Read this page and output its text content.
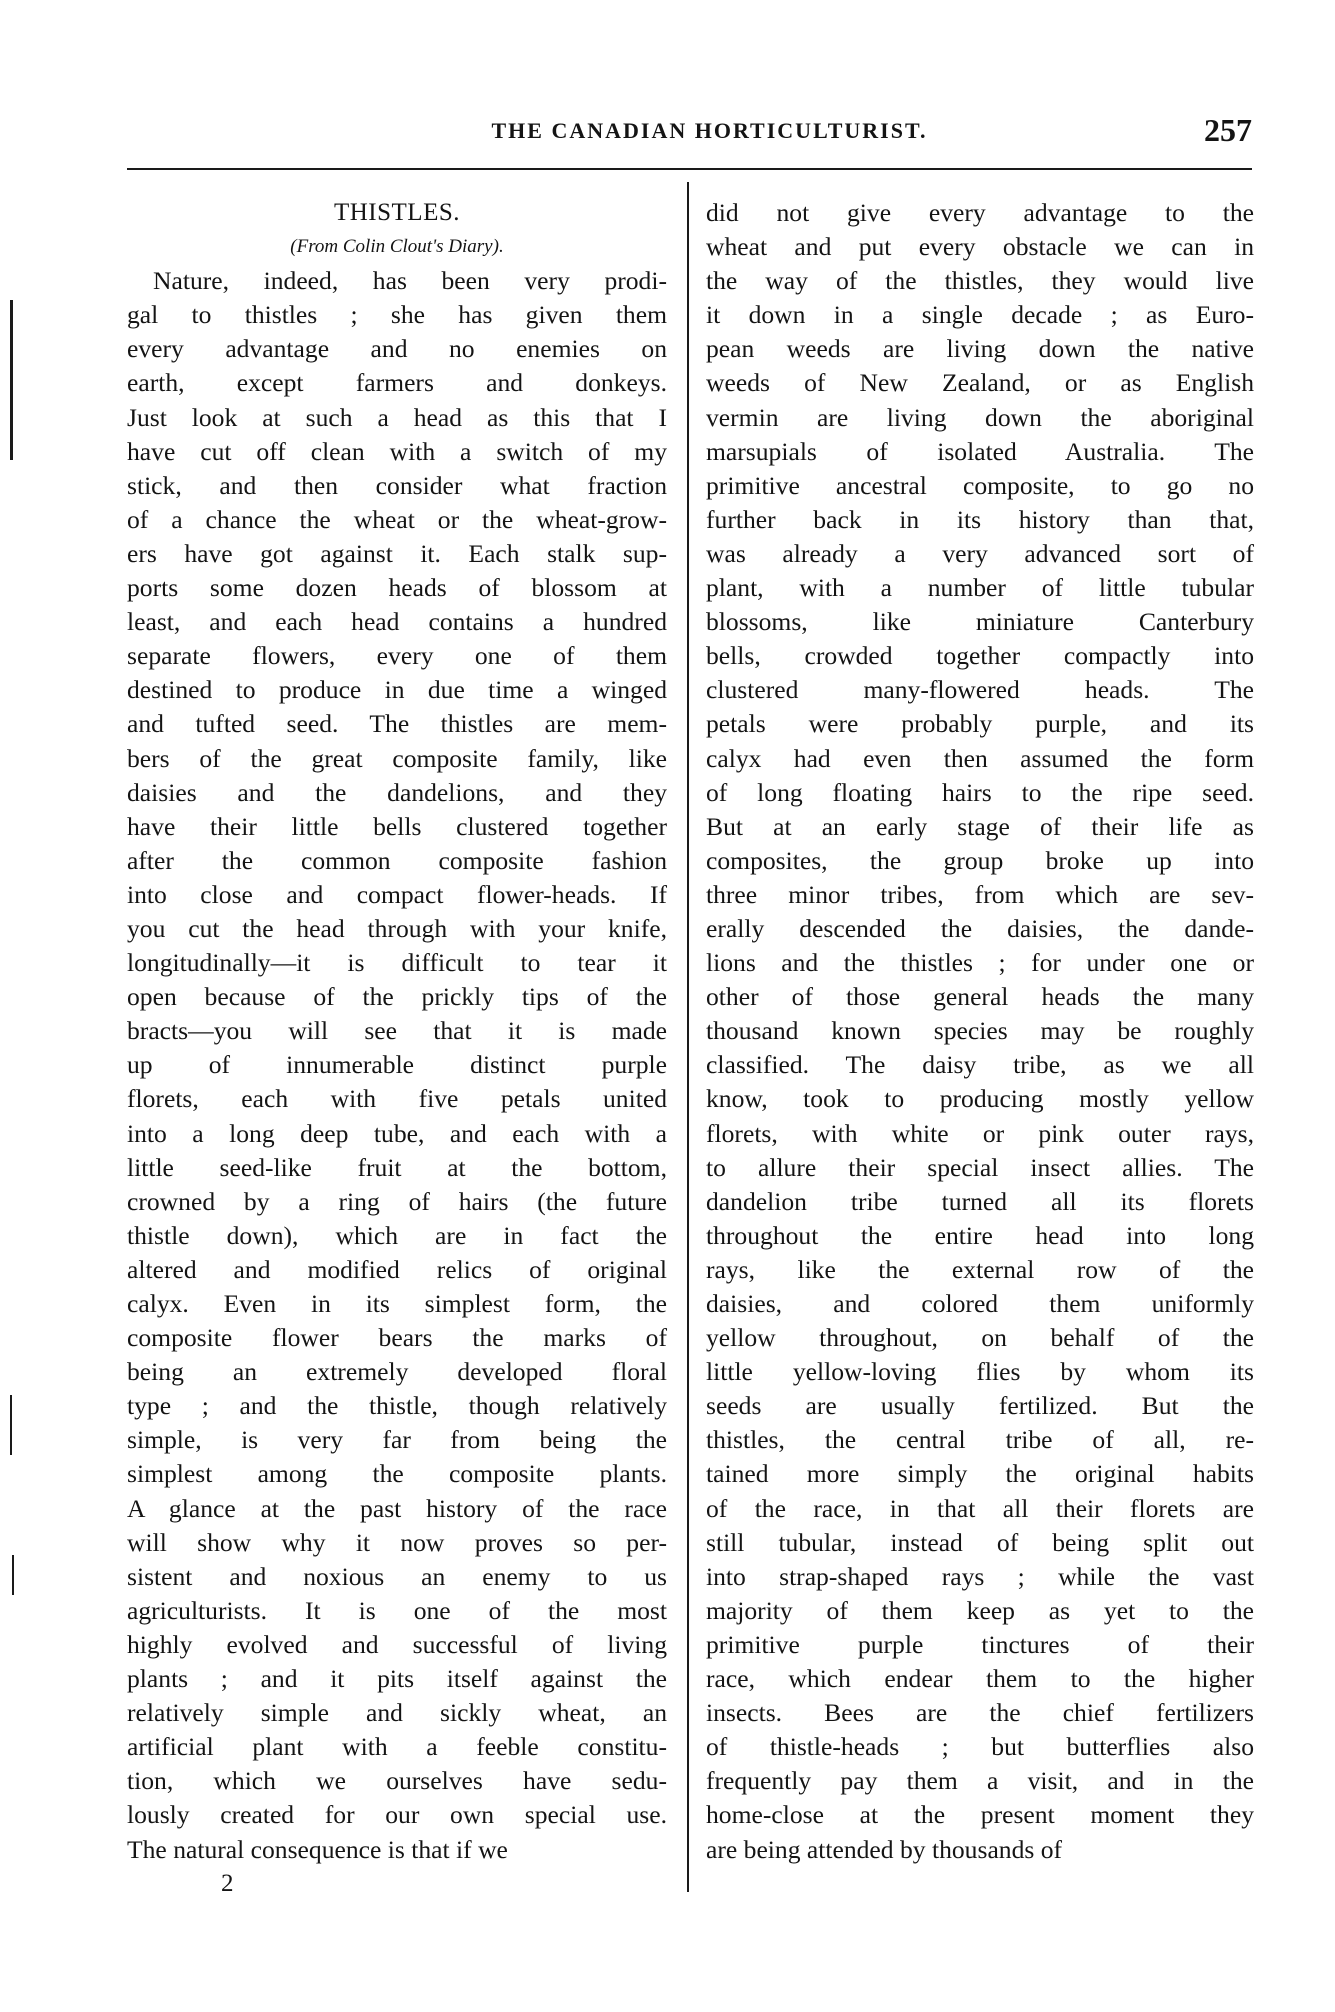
THE CANADIAN HORTICULTURIST.	257
THISTLES.
(From Colin Clout's Diary).
Nature, indeed, has been very prodi-
gal to thistles ; she has given them
every advantage and no enemies on
earth, except farmers and donkeys.
Just look at such a head as this that I
have cut off clean with a switch of my
stick, and then consider what fraction
of a chance the wheat or the wheat-grow-
ers have got against it. Each stalk sup-
ports some dozen heads of blossom at
least, and each head contains a hundred
separate flowers, every one of them
destined to produce in due time a winged
and tufted seed. The thistles are mem-
bers of the great composite family, like
daisies and the dandelions, and they
have their little bells clustered together
after the common composite fashion
into close and compact flower-heads. If
you cut the head through with your knife,
longitudinally—it is difficult to tear it
open because of the prickly tips of the
bracts—you will see that it is made
up of innumerable distinct purple
florets, each with five petals united
into a long deep tube, and each with a
little seed-like fruit at the bottom,
crowned by a ring of hairs (the future
thistle down), which are in fact the
altered and modified relics of original
calyx. Even in its simplest form, the
composite flower bears the marks of
being an extremely developed floral
type ; and the thistle, though relatively
simple, is very far from being the
simplest among the composite plants.
A glance at the past history of the race
will show why it now proves so per-
sistent and noxious an enemy to us
agriculturists. It is one of the most
highly evolved and successful of living
plants ; and it pits itself against the
relatively simple and sickly wheat, an
artificial plant with a feeble constitu-
tion, which we ourselves have sedu-
lously created for our own special use.
The natural consequence is that if we
did not give every advantage to the
wheat and put every obstacle we can in
the way of the thistles, they would live
it down in a single decade ; as Euro-
pean weeds are living down the native
weeds of New Zealand, or as English
vermin are living down the aboriginal
marsupials of isolated Australia. The
primitive ancestral composite, to go no
further back in its history than that,
was already a very advanced sort of
plant, with a number of little tubular
blossoms, like miniature Canterbury
bells, crowded together compactly into
clustered many-flowered heads. The
petals were probably purple, and its
calyx had even then assumed the form
of long floating hairs to the ripe seed.
But at an early stage of their life as
composites, the group broke up into
three minor tribes, from which are sev-
erally descended the daisies, the dande-
lions and the thistles ; for under one or
other of those general heads the many
thousand known species may be roughly
classified. The daisy tribe, as we all
know, took to producing mostly yellow
florets, with white or pink outer rays,
to allure their special insect allies. The
dandelion tribe turned all its florets
throughout the entire head into long
rays, like the external row of the
daisies, and colored them uniformly
yellow throughout, on behalf of the
little yellow-loving flies by whom its
seeds are usually fertilized. But the
thistles, the central tribe of all, re-
tained more simply the original habits
of the race, in that all their florets are
still tubular, instead of being split out
into strap-shaped rays ; while the vast
majority of them keep as yet to the
primitive purple tinctures of their
race, which endear them to the higher
insects. Bees are the chief fertilizers
of thistle-heads ; but butterflies also
frequently pay them a visit, and in the
home-close at the present moment they
are being attended by thousands of
2
